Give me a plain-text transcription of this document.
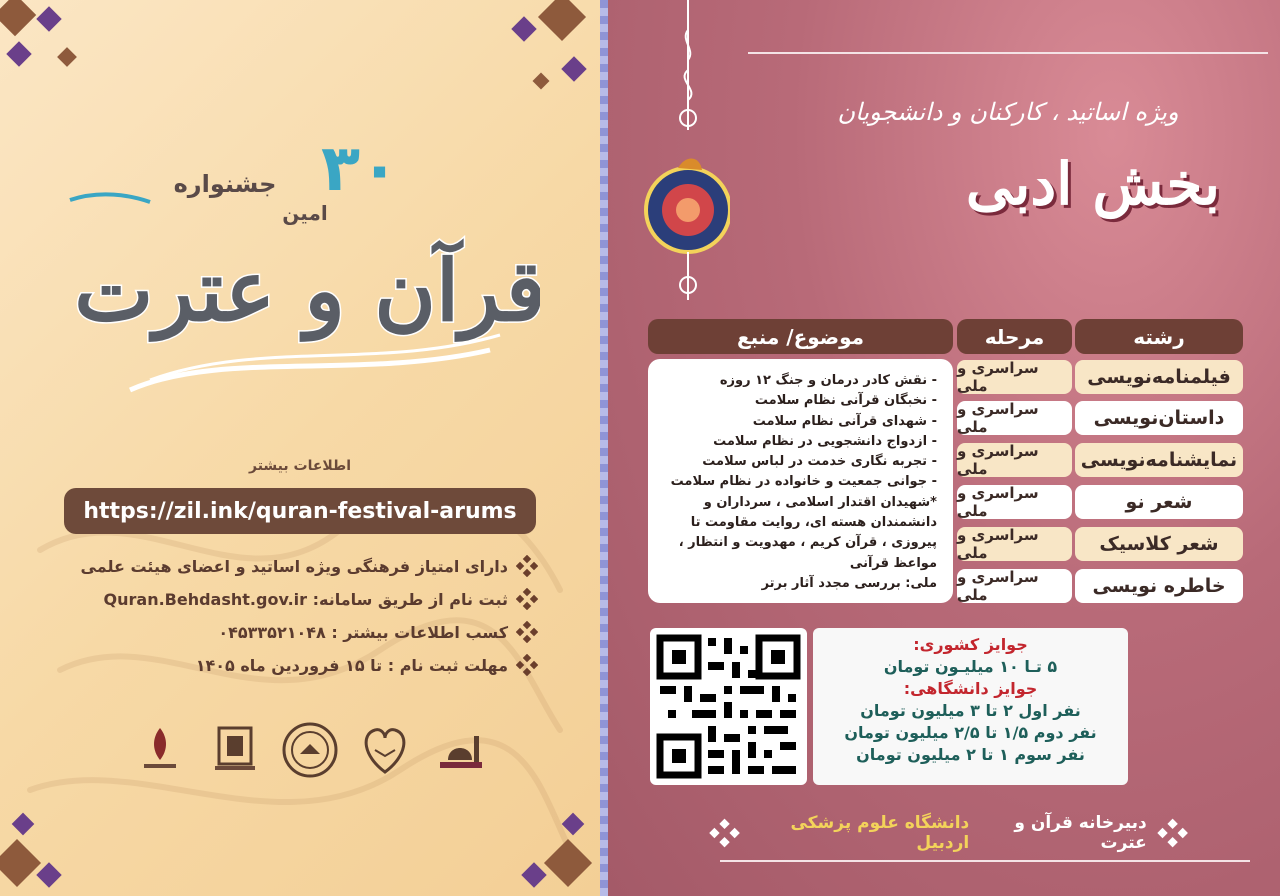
۳۰
جشنواره
امین
قرآن و عترت
اطلاعات بیشتر
https://zil.ink/quran-festival-arums
دارای امتیاز فرهنگی ویژه اساتید و اعضای هیئت علمی
ثبت نام از طریق سامانه: Quran.Behdasht.gov.ir
کسب اطلاعات بیشتر : ۰۴۵۳۳۵۲۱۰۴۸
مهلت ثبت نام : تا ۱۵ فروردین ماه ۱۴۰۵
ویژه اساتید ، کارکنان و دانشجویان
بخش ادبی
رشته
مرحله
موضوع/ منبع
فیلمنامه‌نویسی
داستان‌نویسی
نمایشنامه‌نویسی
شعر نو
شعر کلاسیک
خاطره نویسی
سراسری و ملی
سراسری و ملی
سراسری و ملی
سراسری و ملی
سراسری و ملی
سراسری و ملی
- نقش کادر درمان و جنگ ۱۲ روزه
- نخبگان قرآنی نظام سلامت
- شهدای قرآنی نظام سلامت
- ازدواج دانشجویی در نظام سلامت
- تجربه نگاری خدمت در لباس سلامت
- جوانی جمعیت و خانواده در نظام سلامت
*شهیدان اقتدار اسلامی ، سرداران و دانشمندان هسته ای، روایت مقاومت تا پیروزی ، قرآن کریم ، مهدویت و انتظار ، مواعظ قرآنی
ملی: بررسی مجدد آثار برتر
جوایز کشوری:
۵ تـا ۱۰ میلیـون تومان
جوایز دانشگاهی:
نفر اول ۲ تا ۳ میلیون تومان
نفر دوم ۱/۵ تا ۲/۵ میلیون تومان
نفر سوم ۱ تا ۲ میلیون تومان
دبیرخانه قرآن و عترت
دانشگاه علوم پزشکی اردبیل
